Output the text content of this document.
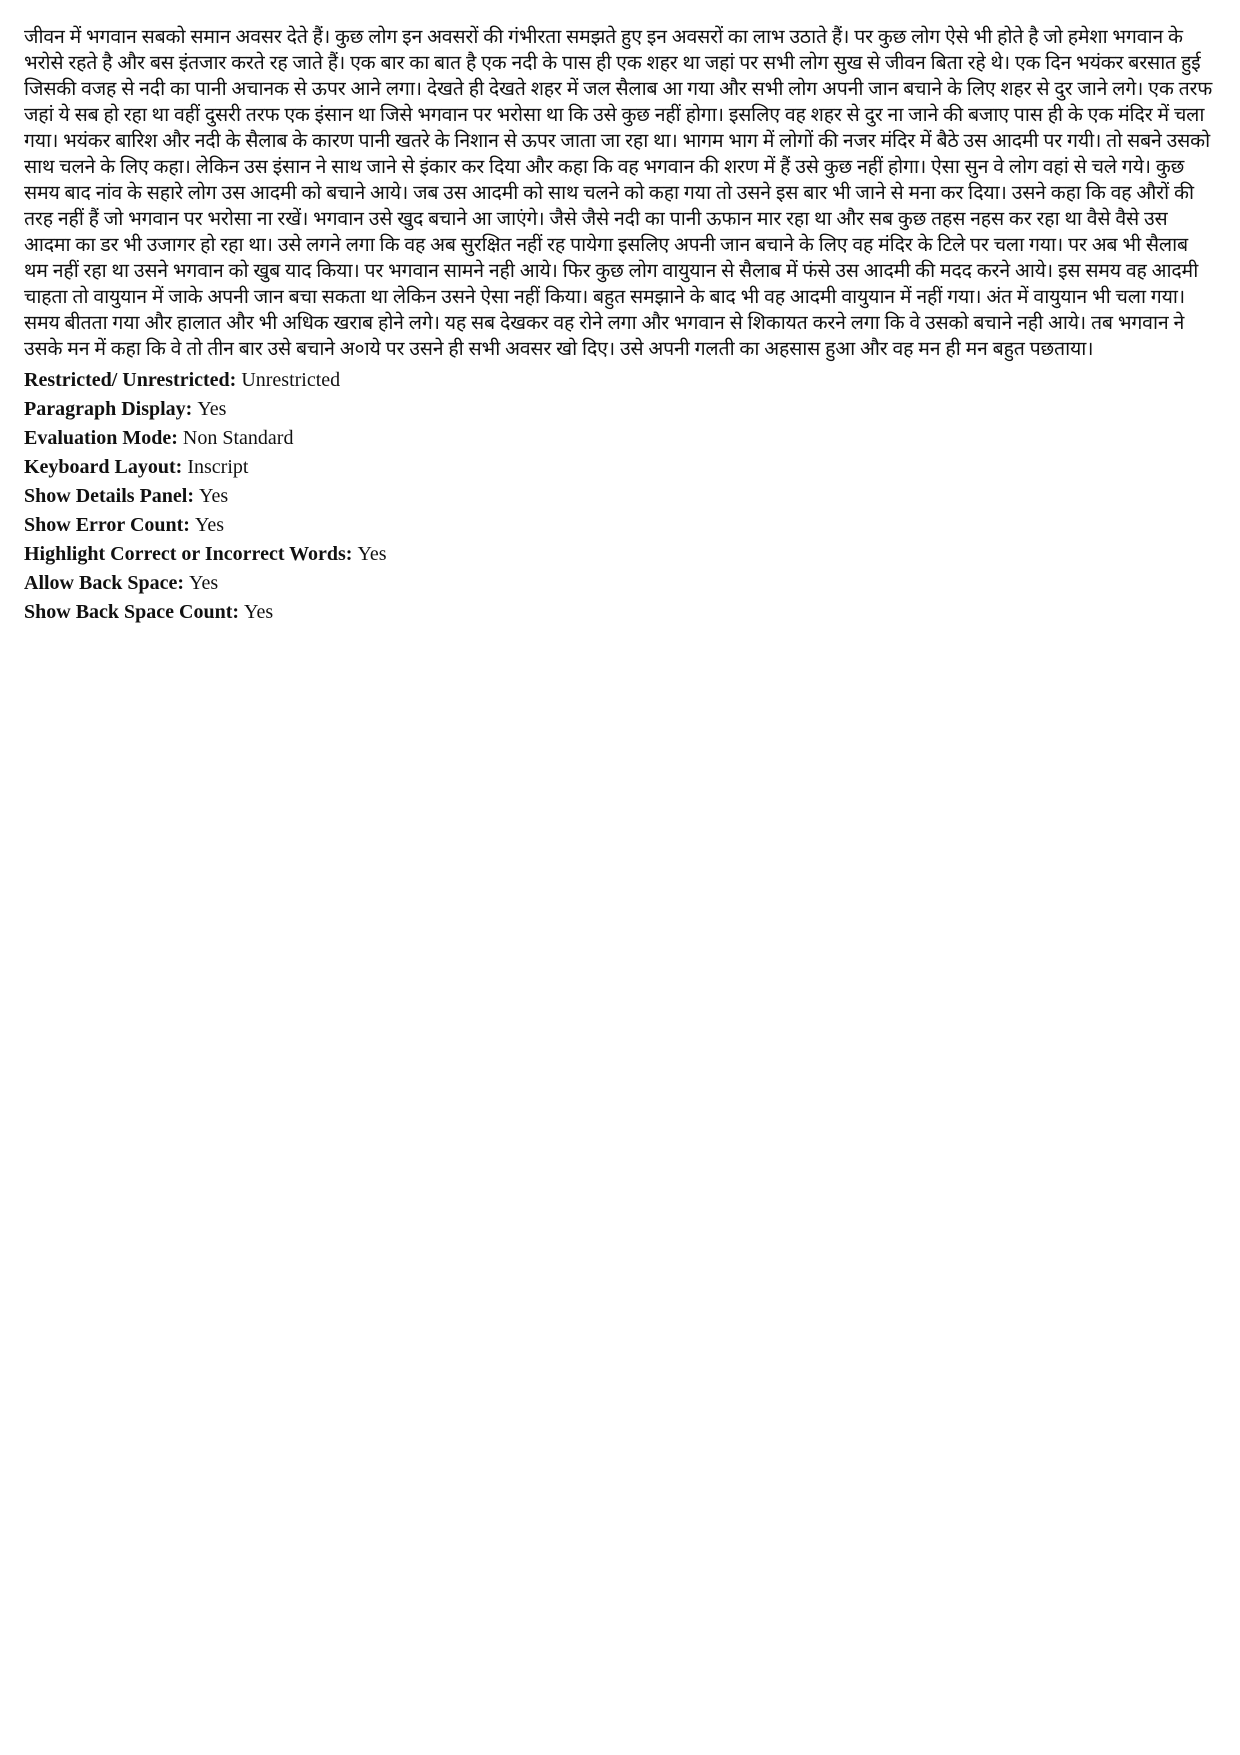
जीवन में भगवान सबको समान अवसर देते हैं। कुछ लोग इन अवसरों की गंभीरता समझते हुए इन अवसरों का लाभ उठाते हैं। पर कुछ लोग ऐसे भी होते है जो हमेशा भगवान के भरोसे रहते है और बस इंतजार करते रह जाते हैं। एक बार का बात है एक नदी के पास ही एक शहर था जहां पर सभी लोग सुख से जीवन बिता रहे थे। एक दिन भयंकर बरसात हुई जिसकी वजह से नदी का पानी अचानक से ऊपर आने लगा। देखते ही देखते शहर में जल सैलाब आ गया और सभी लोग अपनी जान बचाने के लिए शहर से दुर जाने लगे। एक तरफ जहां ये सब हो रहा था वहीं दुसरी तरफ एक इंसान था जिसे भगवान पर भरोसा था कि उसे कुछ नहीं होगा। इसलिए वह शहर से दुर ना जाने की बजाए पास ही के एक मंदिर में चला गया। भयंकर बारिश और नदी के सैलाब के कारण पानी खतरे के निशान से ऊपर जाता जा रहा था। भागम भाग में लोगों की नजर मंदिर में बैठे उस आदमी पर गयी। तो सबने उसको साथ चलने के लिए कहा। लेकिन उस इंसान ने साथ जाने से इंकार कर दिया और कहा कि वह भगवान की शरण में हैं उसे कुछ नहीं होगा। ऐसा सुन वे लोग वहां से चले गये। कुछ समय बाद नांव के सहारे लोग उस आदमी को बचाने आये। जब उस आदमी को साथ चलने को कहा गया तो उसने इस बार भी जाने से मना कर दिया। उसने कहा कि वह औरों की तरह नहीं हैं जो भगवान पर भरोसा ना रखें। भगवान उसे खुद बचाने आ जाएंगे। जैसे जैसे नदी का पानी ऊफान मार रहा था और सब कुछ तहस नहस कर रहा था वैसे वैसे उस आदमा का डर भी उजागर हो रहा था। उसे लगने लगा कि वह अब सुरक्षित नहीं रह पायेगा इसलिए अपनी जान बचाने के लिए वह मंदिर के टिले पर चला गया। पर अब भी सैलाब थम नहीं रहा था उसने भगवान को खुब याद किया। पर भगवान सामने नही आये। फिर कुछ लोग वायुयान से सैलाब में फंसे उस आदमी की मदद करने आये। इस समय वह आदमी चाहता तो वायुयान में जाके अपनी जान बचा सकता था लेकिन उसने ऐसा नहीं किया। बहुत समझाने के बाद भी वह आदमी वायुयान में नहीं गया। अंत में वायुयान भी चला गया। समय बीतता गया और हालात और भी अधिक खराब होने लगे। यह सब देखकर वह रोने लगा और भगवान से शिकायत करने लगा कि वे उसको बचाने नही आये। तब भगवान ने उसके मन में कहा कि वे तो तीन बार उसे बचाने अ०ाये पर उसने ही सभी अवसर खो दिए। उसे अपनी गलती का अहसास हुआ और वह मन ही मन बहुत पछताया।

Restricted/ Unrestricted: Unrestricted
Paragraph Display: Yes
Evaluation Mode: Non Standard
Keyboard Layout: Inscript
Show Details Panel: Yes
Show Error Count: Yes
Highlight Correct or Incorrect Words: Yes
Allow Back Space: Yes
Show Back Space Count: Yes
